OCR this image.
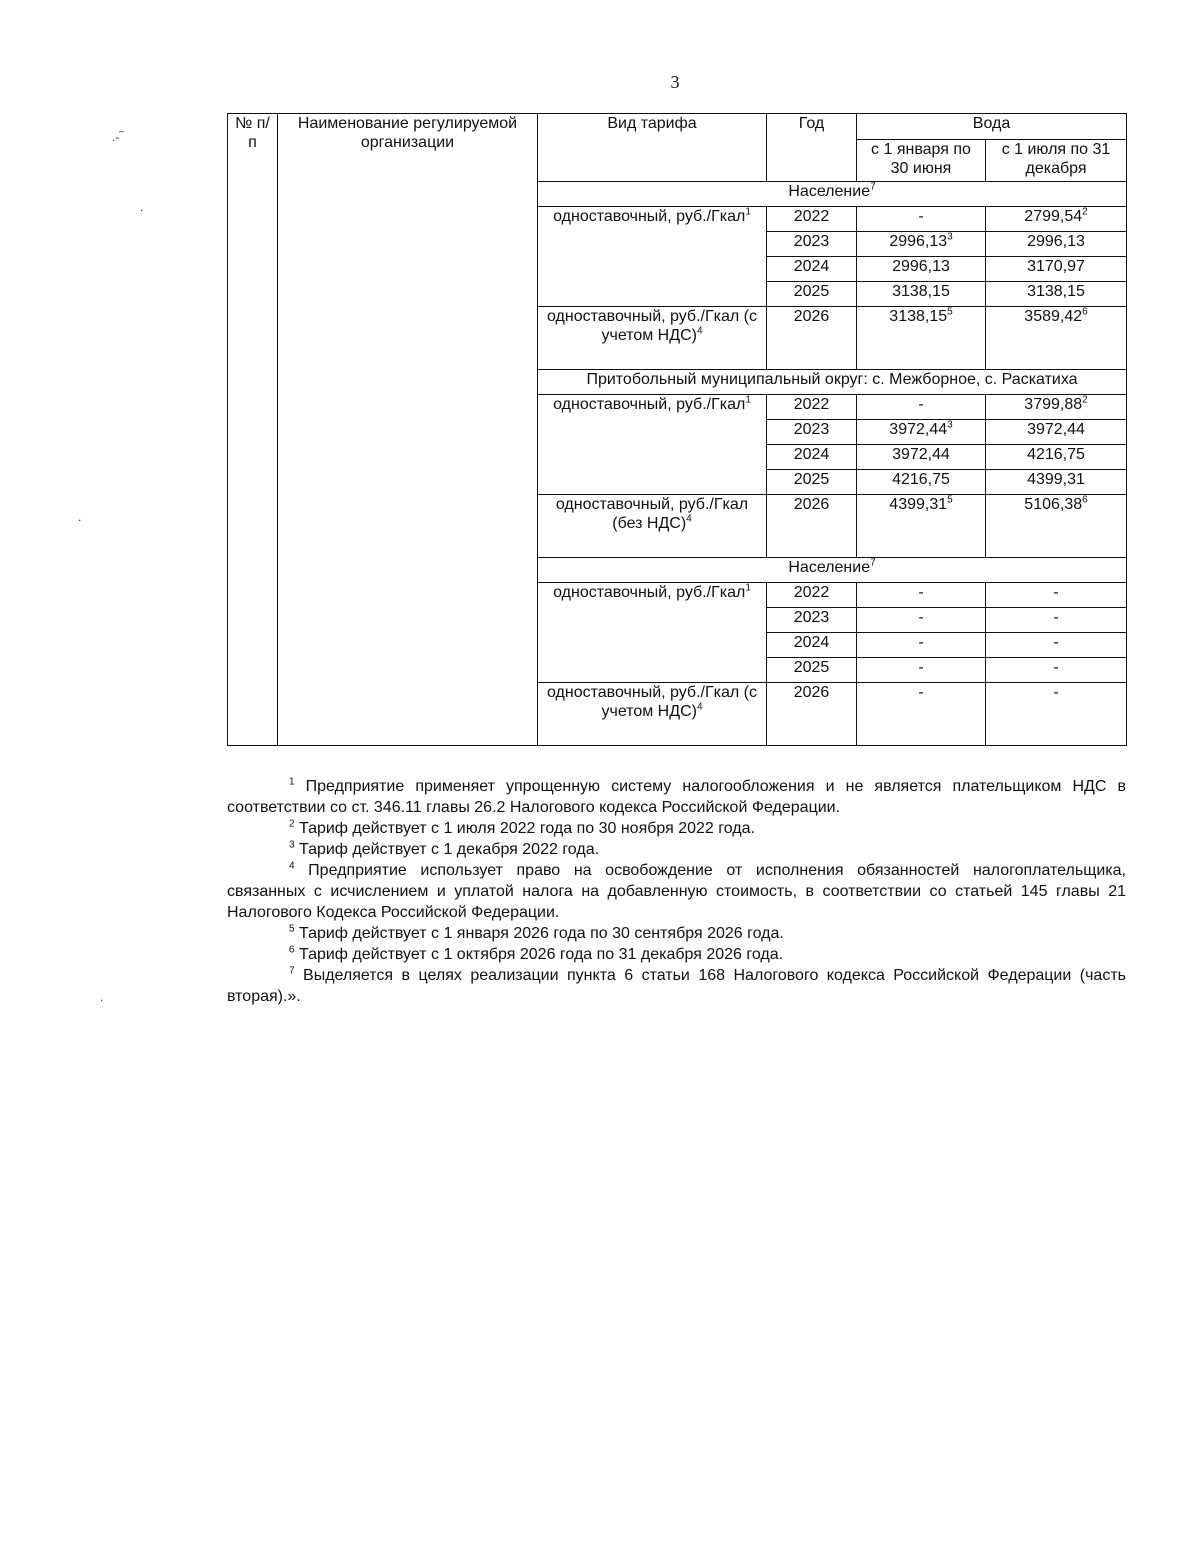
3
.-‾
.
.
.
№ п/п	Наименование регулируемой организации	Вид тарифа	Год	Вода	
				с 1 января по 30 июня	с 1 июля по 31 декабря
		Население$^7$
		одноставочный, руб./Гкал$^1$	2022	-	2799,54$^2$
			2023	2996,13$^3$	2996,13
			2024	2996,13	3170,97
			2025	3138,15	3138,15
		одноставочный, руб./Гкал (с учетом НДС)$^4$	2026	3138,15$^5$	3589,42$^6$
		Притобольный муниципальный округ: с. Межборное, с. Раскатиха			
		одноставочный, руб./Гкал$^1$	2022	-	3799,88$^2$
			2023	3972,44$^3$	3972,44
			2024	3972,44	4216,75
			2025	4216,75	4399,31
		одноставочный, руб./Гкал (без НДС)$^4$	2026	4399,31$^5$	5106,38$^6$
		Население$^7$
		одноставочный, руб./Гкал$^1$	2022	-	-
			2023	-	-
			2024	-	-
			2025	-	-
		одноставочный, руб./Гкал (с учетом НДС)$^4$	2026	-	-

$^1$ Предприятие применяет упрощенную систему налогообложения и не является плательщиком НДС в соответствии со ст. 346.11 главы 26.2 Налогового кодекса Российской Федерации.

$^2$ Тариф действует с 1 июля 2022 года по 30 ноября 2022 года.

$^3$ Тариф действует с 1 декабря 2022 года.

$^4$ Предприятие использует право на освобождение от исполнения обязанностей налогоплательщика, связанных с исчислением и уплатой налога на добавленную стоимость, в соответствии со статьей 145 главы 21 Налогового Кодекса Российской Федерации.

$^5$ Тариф действует с 1 января 2026 года по 30 сентября 2026 года.

$^6$ Тариф действует с 1 октября 2026 года по 31 декабря 2026 года.

$^7$ Выделяется в целях реализации пункта 6 статьи 168 Налогового кодекса Российской Федерации (часть вторая).».
